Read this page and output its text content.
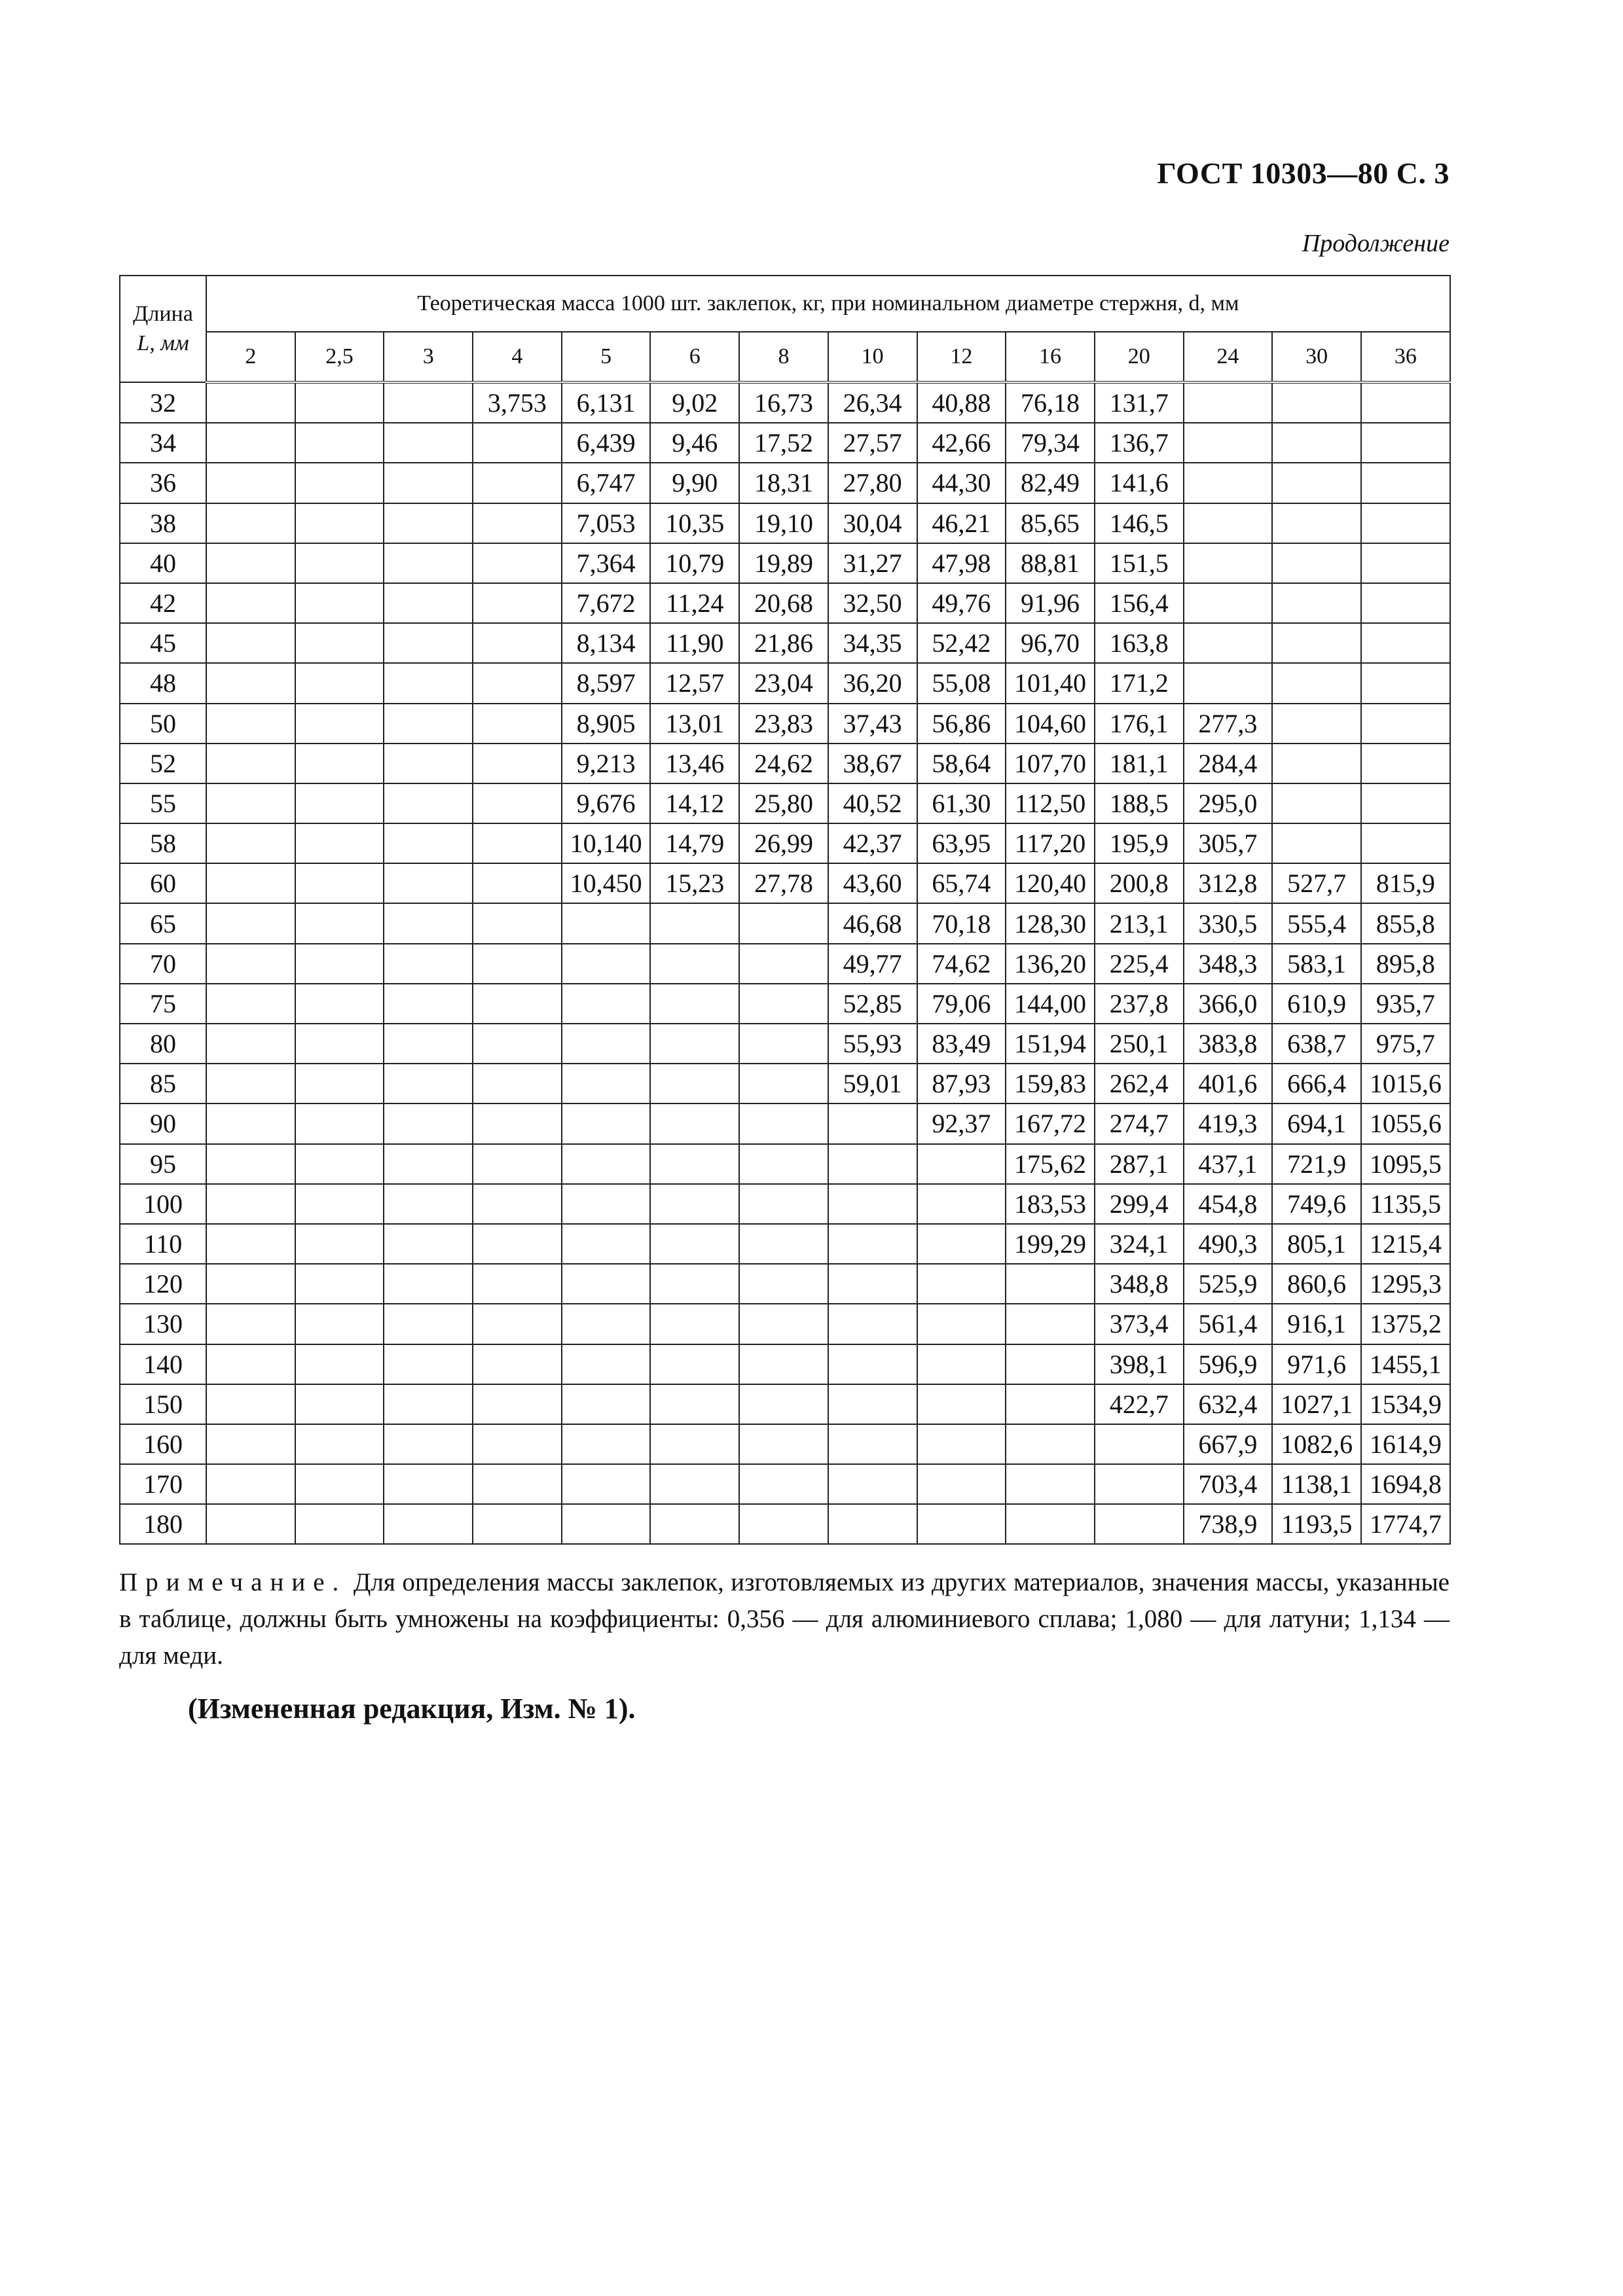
ГОСТ 10303—80 С. 3
Продолжение
Длина
L, мм	Теоретическая масса 1000 шт. заклепок, кг, при номинальном диаметре стержня, d, мм													
	2	2,5	3	4	5	6	8	10	12	16	20	24	30	36
32				3,753	6,131	9,02	16,73	26,34	40,88	76,18	131,7			
34					6,439	9,46	17,52	27,57	42,66	79,34	136,7			
36					6,747	9,90	18,31	27,80	44,30	82,49	141,6			
38					7,053	10,35	19,10	30,04	46,21	85,65	146,5			
40					7,364	10,79	19,89	31,27	47,98	88,81	151,5			
42					7,672	11,24	20,68	32,50	49,76	91,96	156,4			
45					8,134	11,90	21,86	34,35	52,42	96,70	163,8			
48					8,597	12,57	23,04	36,20	55,08	101,40	171,2			
50					8,905	13,01	23,83	37,43	56,86	104,60	176,1	277,3		
52					9,213	13,46	24,62	38,67	58,64	107,70	181,1	284,4		
55					9,676	14,12	25,80	40,52	61,30	112,50	188,5	295,0		
58					10,140	14,79	26,99	42,37	63,95	117,20	195,9	305,7		
60					10,450	15,23	27,78	43,60	65,74	120,40	200,8	312,8	527,7	815,9
65								46,68	70,18	128,30	213,1	330,5	555,4	855,8
70								49,77	74,62	136,20	225,4	348,3	583,1	895,8
75								52,85	79,06	144,00	237,8	366,0	610,9	935,7
80								55,93	83,49	151,94	250,1	383,8	638,7	975,7
85								59,01	87,93	159,83	262,4	401,6	666,4	1015,6
90									92,37	167,72	274,7	419,3	694,1	1055,6
95										175,62	287,1	437,1	721,9	1095,5
100										183,53	299,4	454,8	749,6	1135,5
110										199,29	324,1	490,3	805,1	1215,4
120											348,8	525,9	860,6	1295,3
130											373,4	561,4	916,1	1375,2
140											398,1	596,9	971,6	1455,1
150											422,7	632,4	1027,1	1534,9
160												667,9	1082,6	1614,9
170												703,4	1138,1	1694,8
180												738,9	1193,5	1774,7
Примечание. Для определения массы заклепок, изготовляемых из других материалов, значения массы, указанные в таблице, должны быть умножены на коэффициенты: 0,356 — для алюминиевого сплава; 1,080 — для латуни; 1,134 — для меди.
(Измененная редакция, Изм. № 1).
